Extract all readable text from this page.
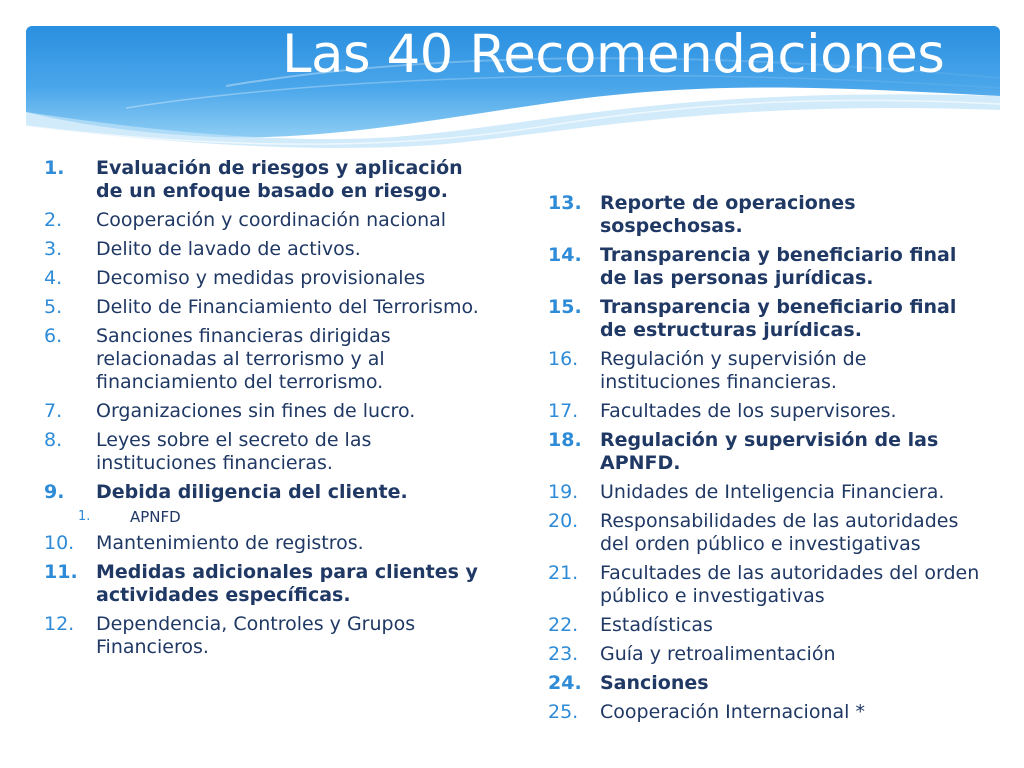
Las 40 Recomendaciones
1.	Evaluación de riesgos y aplicación de un enfoque basado en riesgo.
2.	Cooperación y coordinación nacional
3.	Delito de lavado de activos.
4.	Decomiso y medidas provisionales
5.	Delito de Financiamiento del Terrorismo.
6.	Sanciones financieras dirigidas relacionadas al terrorismo y al financiamiento del terrorismo.
7.	Organizaciones sin fines de lucro.
8.	Leyes sobre el secreto de las instituciones financieras.
9.	Debida diligencia del cliente.
1.	APNFD
10.	Mantenimiento de registros.
11. Medidas adicionales para clientes y actividades específicas.
12.	Dependencia, Controles y Grupos Financieros.
13. Reporte de operaciones sospechosas.
14. Transparencia y beneficiario final de las personas jurídicas.
15. Transparencia y beneficiario final de estructuras jurídicas.
16.	Regulación y supervisión de instituciones financieras.
17.	Facultades de los supervisores.
18. Regulación y supervisión de las APNFD.
19.	Unidades de Inteligencia Financiera.
20.	Responsabilidades de las autoridades del orden público e investigativas
21.	Facultades de las autoridades del orden público e investigativas
22.	Estadísticas
23.	Guía y retroalimentación
24. Sanciones
25.	Cooperación Internacional *
